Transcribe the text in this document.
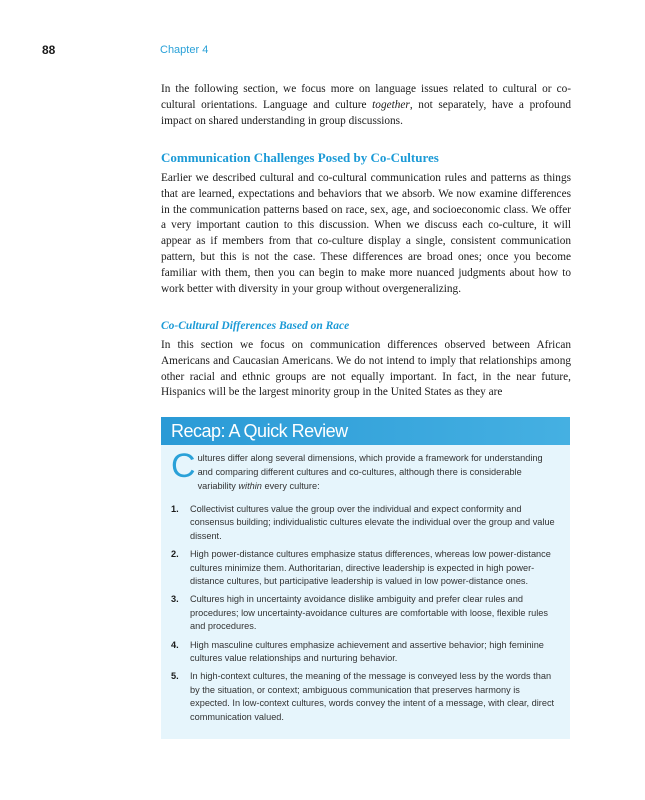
88	Chapter 4

In the following section, we focus more on language issues related to cultural or co-cultural orientations. Language and culture together, not separately, have a profound impact on shared understanding in group discussions.

Communication Challenges Posed by Co-Cultures

Earlier we described cultural and co-cultural communication rules and patterns as things that are learned, expectations and behaviors that we absorb. We now examine differences in the communication patterns based on race, sex, age, and socioeconomic class. We offer a very important caution to this discussion. When we discuss each co-culture, it will appear as if members from that co-culture display a single, consistent communication pattern, but this is not the case. These differences are broad ones; once you become familiar with them, then you can begin to make more nuanced judgments about how to work better with diversity in your group without overgeneralizing.

Co-Cultural Differences Based on Race

In this section we focus on communication differences observed between African Americans and Caucasian Americans. We do not intend to imply that relationships among other racial and ethnic groups are not equally important. In fact, in the near future, Hispanics will be the largest minority group in the United States as they are

Recap: A Quick Review

Cultures differ along several dimensions, which provide a framework for understanding and comparing different cultures and co-cultures, although there is considerable variability within every culture:

1. Collectivist cultures value the group over the individual and expect conformity and consensus building; individualistic cultures elevate the individual over the group and value dissent.
2. High power-distance cultures emphasize status differences, whereas low power-distance cultures minimize them. Authoritarian, directive leadership is expected in high power-distance cultures, but participative leadership is valued in low power-distance ones.
3. Cultures high in uncertainty avoidance dislike ambiguity and prefer clear rules and procedures; low uncertainty-avoidance cultures are comfortable with loose, flexible rules and procedures.
4. High masculine cultures emphasize achievement and assertive behavior; high feminine cultures value relationships and nurturing behavior.
5. In high-context cultures, the meaning of the message is conveyed less by the words than by the situation, or context; ambiguous communication that preserves harmony is expected. In low-context cultures, words convey the intent of a message, with clear, direct communication valued.
